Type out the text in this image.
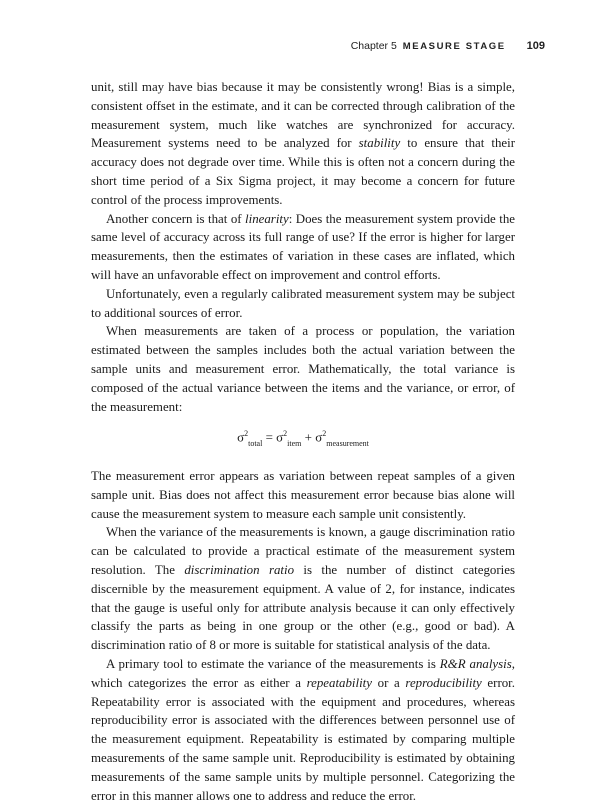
Chapter 5 MEASURE STAGE 109

unit, still may have bias because it may be consistently wrong! Bias is a simple, consistent offset in the estimate, and it can be corrected through calibration of the measurement system, much like watches are synchronized for accuracy. Measurement systems need to be analyzed for stability to ensure that their accuracy does not degrade over time. While this is often not a concern during the short time period of a Six Sigma project, it may become a concern for future control of the process improvements.

Another concern is that of linearity: Does the measurement system provide the same level of accuracy across its full range of use? If the error is higher for larger measurements, then the estimates of variation in these cases are inflated, which will have an unfavorable effect on improvement and control efforts.

Unfortunately, even a regularly calibrated measurement system may be subject to additional sources of error.

When measurements are taken of a process or population, the variation estimated between the samples includes both the actual variation between the sample units and measurement error. Mathematically, the total variance is composed of the actual variance between the items and the variance, or error, of the measurement:

$\sigma^2_{total} = \sigma^2_{item} + \sigma^2_{measurement}$

The measurement error appears as variation between repeat samples of a given sample unit. Bias does not affect this measurement error because bias alone will cause the measurement system to measure each sample unit consistently.

When the variance of the measurements is known, a gauge discrimination ratio can be calculated to provide a practical estimate of the measurement system resolution. The discrimination ratio is the number of distinct categories discernible by the measurement equipment. A value of 2, for instance, indicates that the gauge is useful only for attribute analysis because it can only effectively classify the parts as being in one group or the other (e.g., good or bad). A discrimination ratio of 8 or more is suitable for statistical analysis of the data.

A primary tool to estimate the variance of the measurements is R&R analysis, which categorizes the error as either a repeatability or a reproducibility error. Repeatability error is associated with the equipment and procedures, whereas reproducibility error is associated with the differences between personnel use of the measurement equipment. Repeatability is estimated by comparing multiple measurements of the same sample unit. Reproducibility is estimated by obtaining measurements of the same sample units by multiple personnel. Categorizing the error in this manner allows one to address and reduce the error.
